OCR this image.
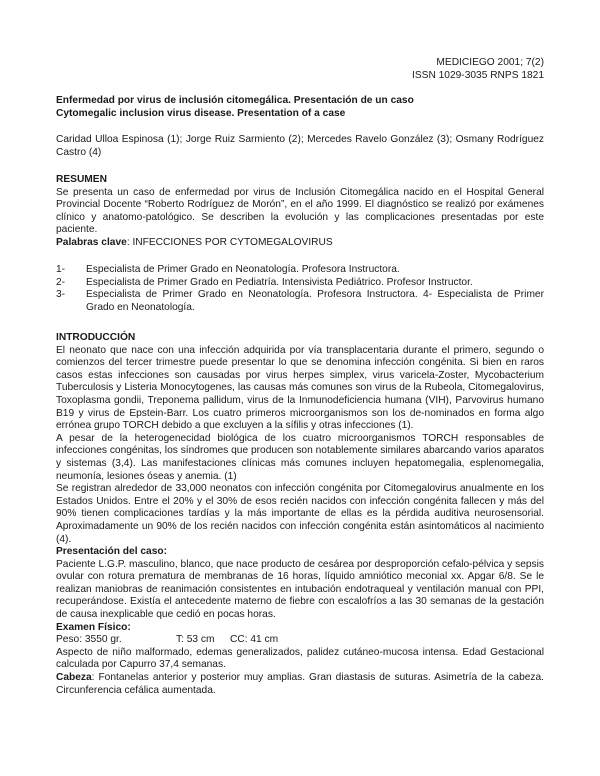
MEDICIEGO 2001; 7(2)
ISSN 1029-3035 RNPS 1821
Enfermedad por virus de inclusión citomegálica. Presentación de un caso
Cytomegalic inclusion virus disease. Presentation of a case
Caridad Ulloa Espinosa (1); Jorge Ruiz Sarmiento (2); Mercedes Ravelo González (3); Osmany Rodríguez Castro (4)
RESUMEN

Se presenta un caso de enfermedad por virus de Inclusión Citomegálica nacido en el Hospital General Provincial Docente “Roberto Rodríguez de Morón”, en el año 1999. El diagnóstico se realizó por exámenes clínico y anatomo-patológico. Se describen la evolución y las complicaciones presentadas por este paciente.

Palabras clave: INFECCIONES POR CYTOMEGALOVIRUS
1-	Especialista de Primer Grado en Neonatología. Profesora Instructora.
2-	Especialista de Primer Grado en Pediatría. Intensivista Pediátrico. Profesor Instructor.
3-	Especialista de Primer Grado en Neonatología. Profesora Instructora. 4- Especialista de Primer Grado en Neonatología.
INTRODUCCIÓN

El neonato que nace con una infección adquirida por vía transplacentaria durante el primero, segundo o comienzos del tercer trimestre puede presentar lo que se denomina infección congénita. Si bien en raros casos estas infecciones son causadas por virus herpes simplex, virus varicela-Zoster, Mycobacterium Tuberculosis y Listeria Monocytogenes, las causas más comunes son virus de la Rubeola, Citomegalovirus, Toxoplasma gondii, Treponema pallidum, virus de la Inmunodeficiencia humana (VIH), Parvovirus humano B19 y virus de Epstein-Barr. Los cuatro primeros microorganismos son los de-nominados en forma algo errónea grupo TORCH debido a que excluyen a la sífilis y otras infecciones (1).

A pesar de la heterogenecidad biológica de los cuatro microorganismos TORCH responsables de infecciones congénitas, los síndromes que producen son notablemente similares abarcando varios aparatos y sistemas (3,4). Las manifestaciones clínicas más comunes incluyen hepatomegalia, esplenomegalia, neumonía, lesiones óseas y anemia. (1)

Se registran alrededor de 33,000 neonatos con infección congénita por Citomegalovirus anualmente en los Estados Unidos. Entre el 20% y el 30% de esos recién nacidos con infección congénita fallecen y más del 90% tienen complicaciones tardías y la más importante de ellas es la pérdida auditiva neurosensorial. Aproximadamente un 90% de los recién nacidos con infección congénita están asintomáticos al nacimiento (4).

Presentación del caso:

Paciente L.G.P. masculino, blanco, que nace producto de cesárea por desproporción cefalo-pélvica y sepsis ovular con rotura prematura de membranas de 16 horas, líquido amniótico meconial xx. Apgar 6/8. Se le realizan maniobras de reanimación consistentes en intubación endotraqueal y ventilación manual con PPI, recuperándose. Existía el antecedente materno de fiebre con escalofríos a las 30 semanas de la gestación de causa inexplicable que cedió en pocas horas.

Examen Físico:
Peso: 3550 gr.	T: 53 cm CC: 41 cm

Aspecto de niño malformado, edemas generalizados, palidez cutáneo-mucosa intensa. Edad Gestacional calculada por Capurro 37,4 semanas.

Cabeza: Fontanelas anterior y posterior muy amplias. Gran diastasis de suturas. Asimetría de la cabeza. Circunferencia cefálica aumentada.
